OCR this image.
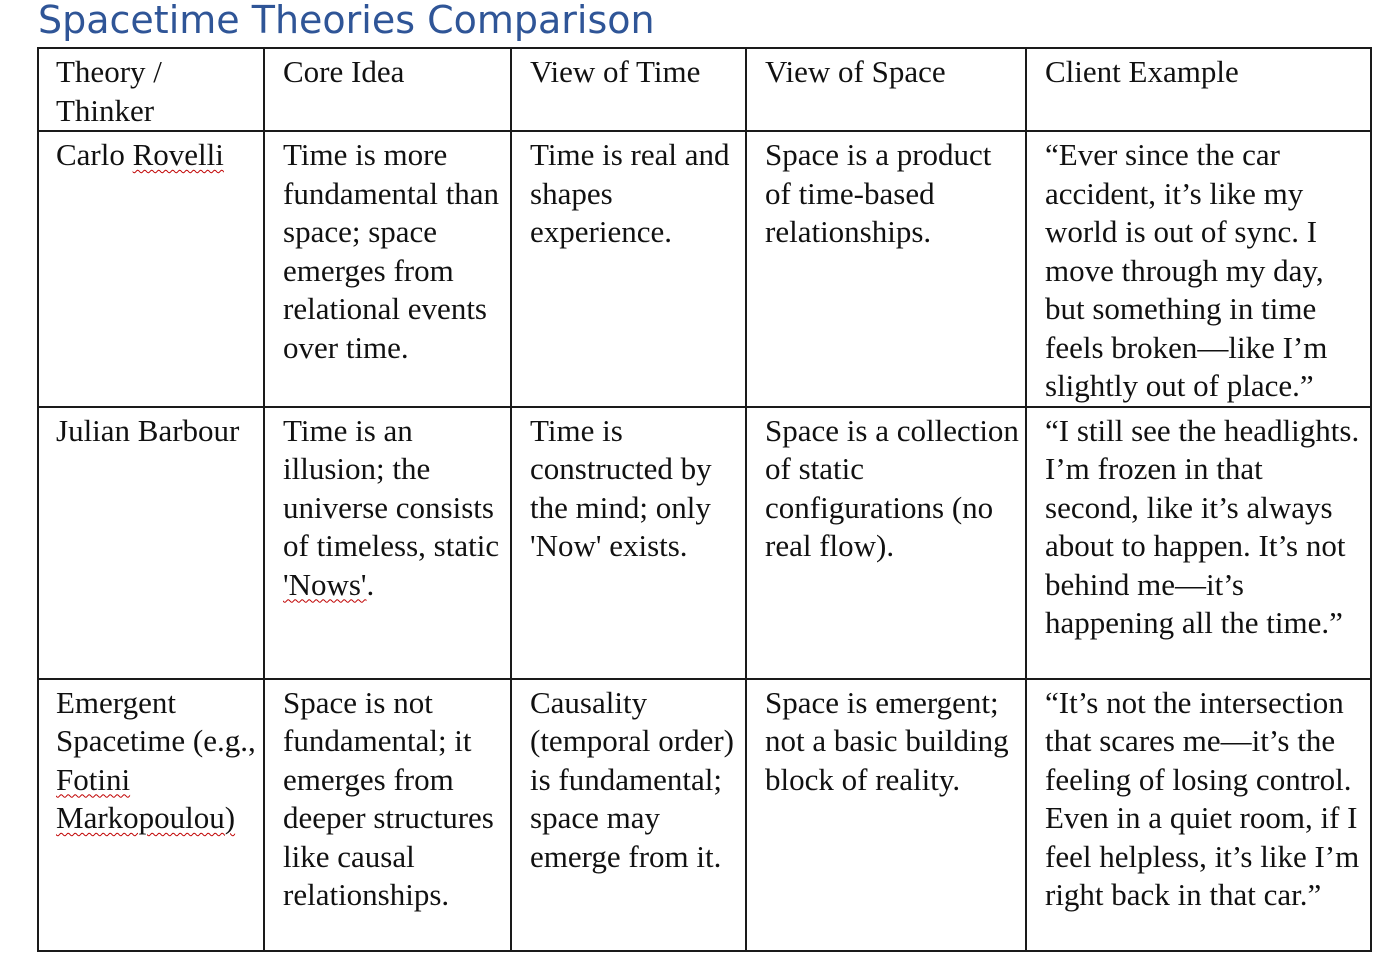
Spacetime Theories Comparison
Theory / Thinker	Core Idea	View of Time	View of Space	Client Example
Carlo Rovelli	Time is more fundamental than space; space emerges from relational events over time.	Time is real and shapes experience.	Space is a product of time-based relationships.	“Ever since the car accident, it’s like my world is out of sync. I move through my day, but something in time feels broken—like I’m slightly out of place.”
Julian Barbour	Time is an illusion; the universe consists of timeless, static 'Nows'.	Time is constructed by the mind; only 'Now' exists.	Space is a collection of static configurations (no real flow).	“I still see the headlights. I’m frozen in that second, like it’s always about to happen. It’s not behind me—it’s happening all the time.”
Emergent Spacetime (e.g., Fotini Markopoulou)	Space is not fundamental; it emerges from deeper structures like causal relationships.	Causality (temporal order) is fundamental; space may emerge from it.	Space is emergent; not a basic building block of reality.	“It’s not the intersection that scares me—it’s the feeling of losing control. Even in a quiet room, if I feel helpless, it’s like I’m right back in that car.”
